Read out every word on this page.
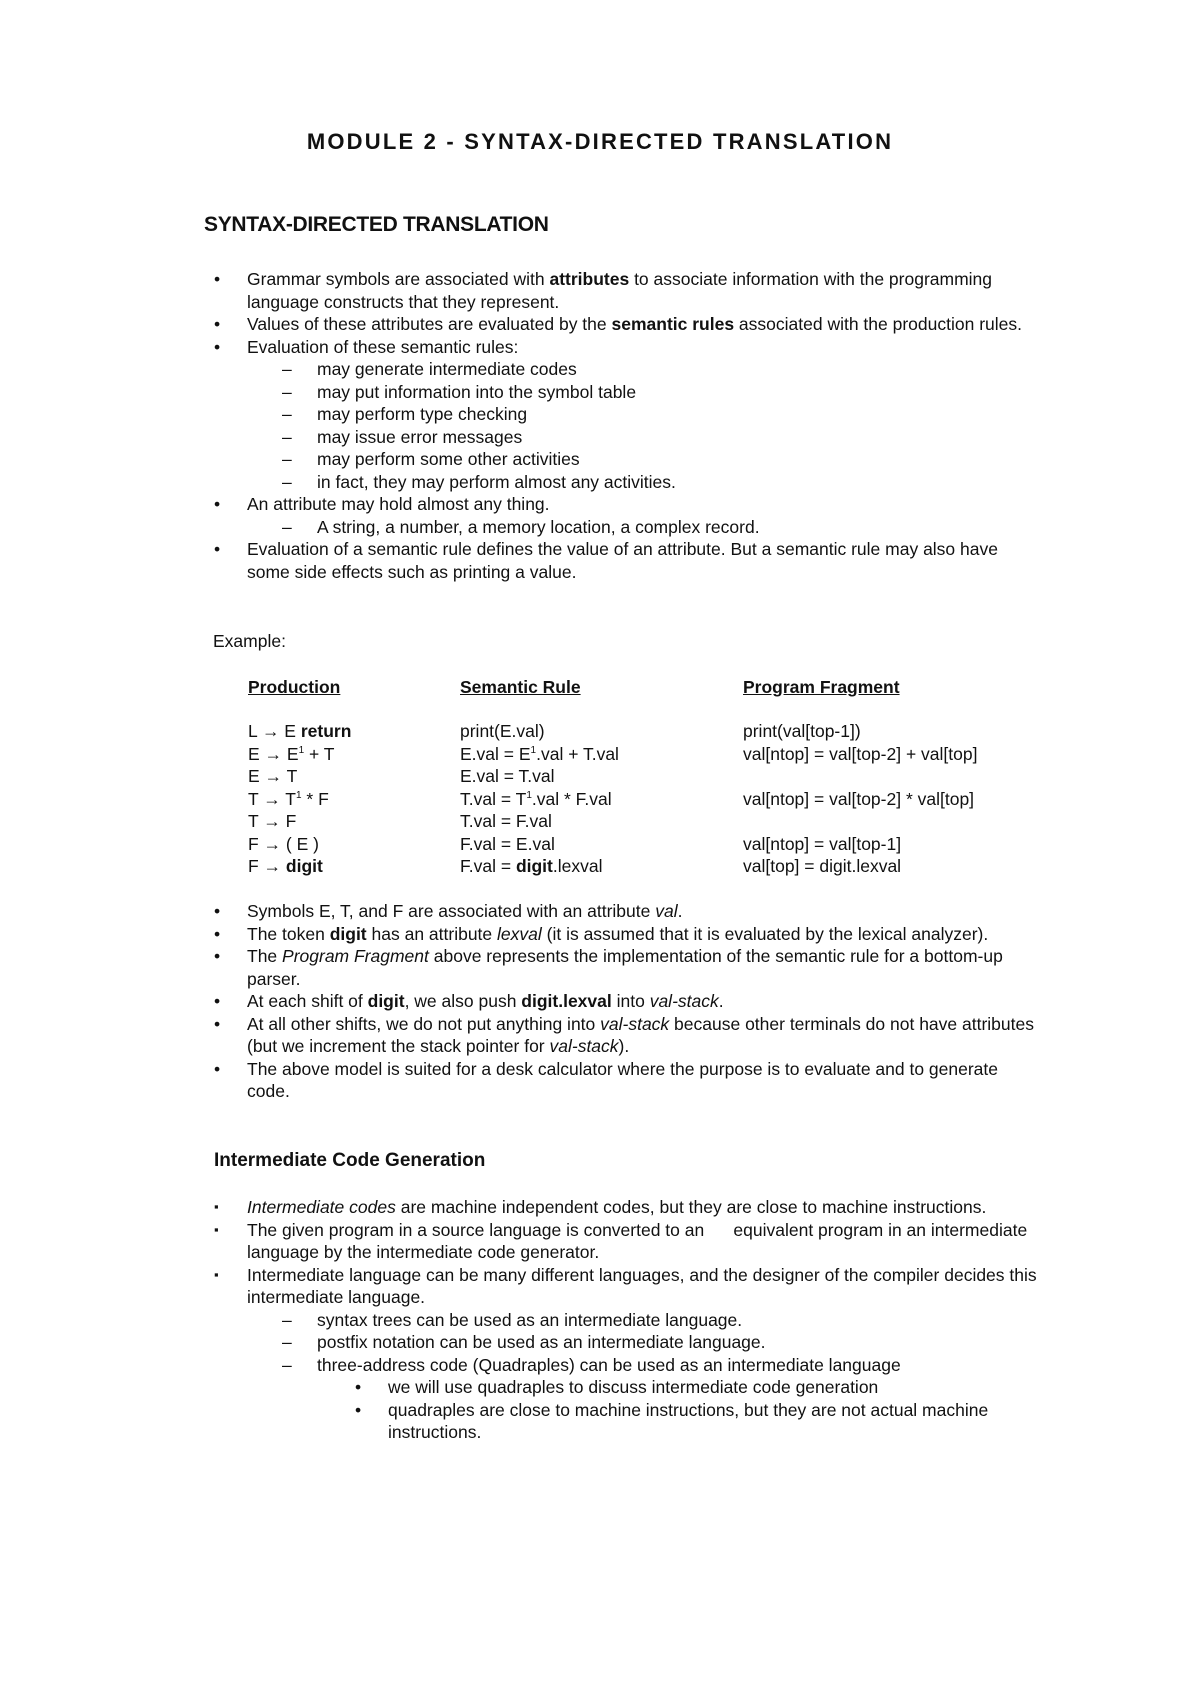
MODULE 2 - SYNTAX-DIRECTED TRANSLATION
SYNTAX-DIRECTED TRANSLATION
• Grammar symbols are associated with attributes to associate information with the programming language constructs that they represent.
• Values of these attributes are evaluated by the semantic rules associated with the production rules.
• Evaluation of these semantic rules:
– may generate intermediate codes
– may put information into the symbol table
– may perform type checking
– may issue error messages
– may perform some other activities
– in fact, they may perform almost any activities.
• An attribute may hold almost any thing.
– A string, a number, a memory location, a complex record.
• Evaluation of a semantic rule defines the value of an attribute. But a semantic rule may also have some side effects such as printing a value.
Example:
Production	Semantic Rule	Program Fragment
L → E return	print(E.val)	print(val[top-1])
$E \to E^1 + T$	$E.val = E^1.val + T.val$	val[ntop] = val[top-2] + val[top]
E → T	E.val = T.val	
$T \to T^1 * F$	$T.val = T^1.val * F.val$	val[ntop] = val[top-2] * val[top]
T → F	T.val = F.val	
F → ( E )	F.val = E.val	val[ntop] = val[top-1]
F → digit	F.val = digit.lexval	val[top] = digit.lexval
• Symbols E, T, and F are associated with an attribute val.
• The token digit has an attribute lexval (it is assumed that it is evaluated by the lexical analyzer).
• The Program Fragment above represents the implementation of the semantic rule for a bottom-up parser.
• At each shift of digit, we also push digit.lexval into val-stack.
• At all other shifts, we do not put anything into val-stack because other terminals do not have attributes (but we increment the stack pointer for val-stack).
• The above model is suited for a desk calculator where the purpose is to evaluate and to generate code.
Intermediate Code Generation
▪ Intermediate codes are machine independent codes, but they are close to machine instructions.
▪ The given program in a source language is converted to an      equivalent program in an intermediate language by the intermediate code generator.
▪ Intermediate language can be many different languages, and the designer of the compiler decides this intermediate language.
– syntax trees can be used as an intermediate language.
– postfix notation can be used as an intermediate language.
– three-address code (Quadraples) can be used as an intermediate language
• we will use quadraples to discuss intermediate code generation
• quadraples are close to machine instructions, but they are not actual machine instructions.
